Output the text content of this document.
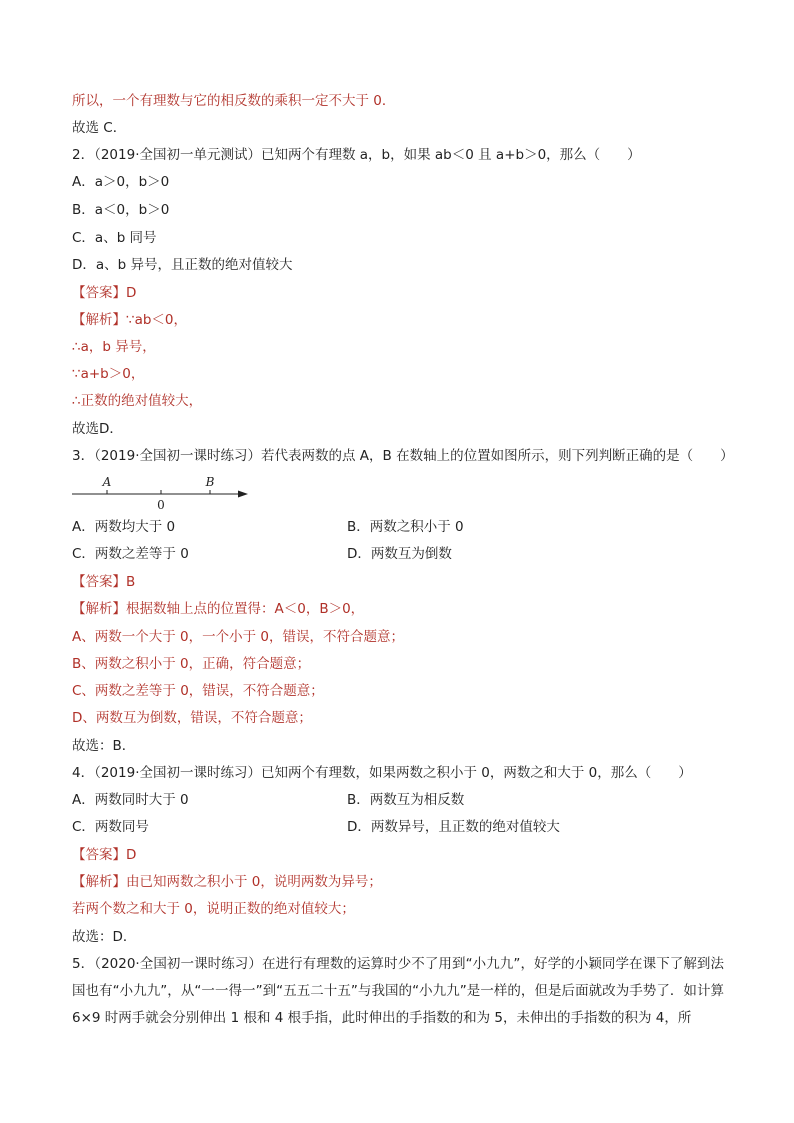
所以，一个有理数与它的相反数的乘积一定不大于 0．
故选 C．
2．（2019·全国初一单元测试）已知两个有理数 a，b，如果 ab＜0 且 a+b＞0，那么（　　）
A．a＞0，b＞0
B．a＜0，b＞0
C．a、b 同号
D．a、b 异号，且正数的绝对值较大
【答案】D
【解析】∵ab＜0，
∴a，b 异号，
∵a+b＞0，
∴正数的绝对值较大，
故选D．
3．（2019·全国初一课时练习）若代表两数的点 A，B 在数轴上的位置如图所示，则下列判断正确的是（　　）
A
0
B
A．两数均大于 0	B．两数之积小于 0
C．两数之差等于 0	D．两数互为倒数
【答案】B
【解析】根据数轴上点的位置得：A＜0，B＞0，
A、两数一个大于 0，一个小于 0，错误，不符合题意；
B、两数之积小于 0，正确，符合题意；
C、两数之差等于 0，错误，不符合题意；
D、两数互为倒数，错误，不符合题意；
故选：B．
4．（2019·全国初一课时练习）已知两个有理数，如果两数之积小于 0，两数之和大于 0，那么（　　）
A．两数同时大于 0	B．两数互为相反数
C．两数同号	D．两数异号，且正数的绝对值较大
【答案】D
【解析】由已知两数之积小于 0，说明两数为异号；
若两个数之和大于 0，说明正数的绝对值较大；
故选：D．
5．（2020·全国初一课时练习）在进行有理数的运算时少不了用到“小九九”，好学的小颖同学在课下了解到法国也有“小九九”，从“一一得一”到“五五二十五”与我国的“小九九”是一样的，但是后面就改为手势了．如计算 6×9 时两手就会分别伸出 1 根和 4 根手指，此时伸出的手指数的和为 5，未伸出的手指数的积为 4，所
